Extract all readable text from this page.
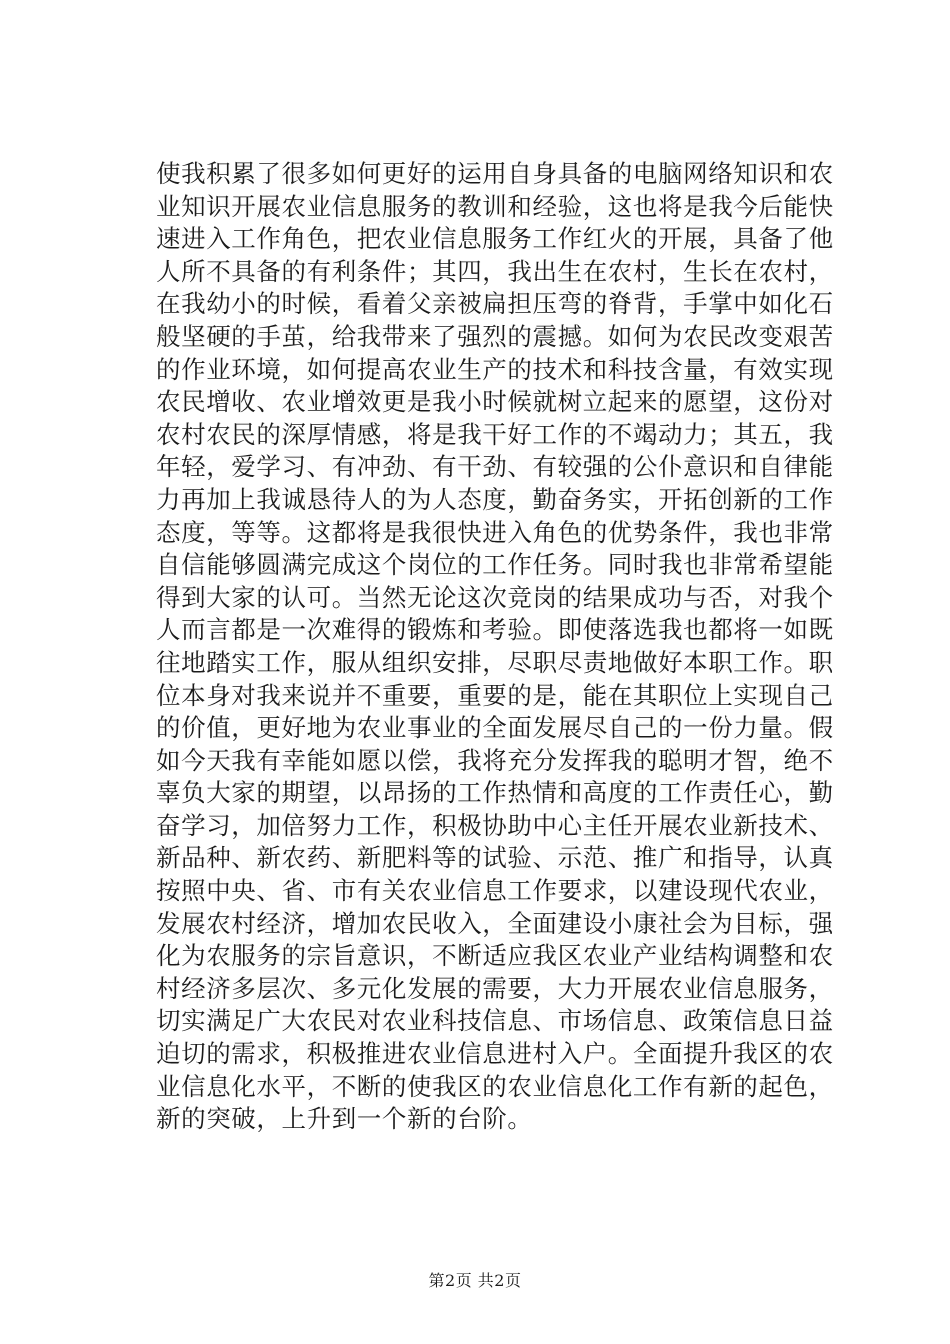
使我积累了很多如何更好的运用自身具备的电脑网络知识和农
业知识开展农业信息服务的教训和经验，这也将是我今后能快
速进入工作角色，把农业信息服务工作红火的开展，具备了他
人所不具备的有利条件；其四，我出生在农村，生长在农村，
在我幼小的时候，看着父亲被扁担压弯的脊背，手掌中如化石
般坚硬的手茧，给我带来了强烈的震撼。如何为农民改变艰苦
的作业环境，如何提高农业生产的技术和科技含量，有效实现
农民增收、农业增效更是我小时候就树立起来的愿望，这份对
农村农民的深厚情感，将是我干好工作的不竭动力；其五，我
年轻，爱学习、有冲劲、有干劲、有较强的公仆意识和自律能
力再加上我诚恳待人的为人态度，勤奋务实，开拓创新的工作
态度，等等。这都将是我很快进入角色的优势条件，我也非常
自信能够圆满完成这个岗位的工作任务。同时我也非常希望能
得到大家的认可。当然无论这次竞岗的结果成功与否，对我个
人而言都是一次难得的锻炼和考验。即使落选我也都将一如既
往地踏实工作，服从组织安排，尽职尽责地做好本职工作。职
位本身对我来说并不重要，重要的是，能在其职位上实现自己
的价值，更好地为农业事业的全面发展尽自己的一份力量。假
如今天我有幸能如愿以偿，我将充分发挥我的聪明才智，绝不
辜负大家的期望，以昂扬的工作热情和高度的工作责任心，勤
奋学习，加倍努力工作，积极协助中心主任开展农业新技术、
新品种、新农药、新肥料等的试验、示范、推广和指导，认真
按照中央、省、市有关农业信息工作要求，以建设现代农业，
发展农村经济，增加农民收入，全面建设小康社会为目标，强
化为农服务的宗旨意识，不断适应我区农业产业结构调整和农
村经济多层次、多元化发展的需要，大力开展农业信息服务，
切实满足广大农民对农业科技信息、市场信息、政策信息日益
迫切的需求，积极推进农业信息进村入户。全面提升我区的农
业信息化水平，不断的使我区的农业信息化工作有新的起色，
新的突破，上升到一个新的台阶。
第2页 共2页
